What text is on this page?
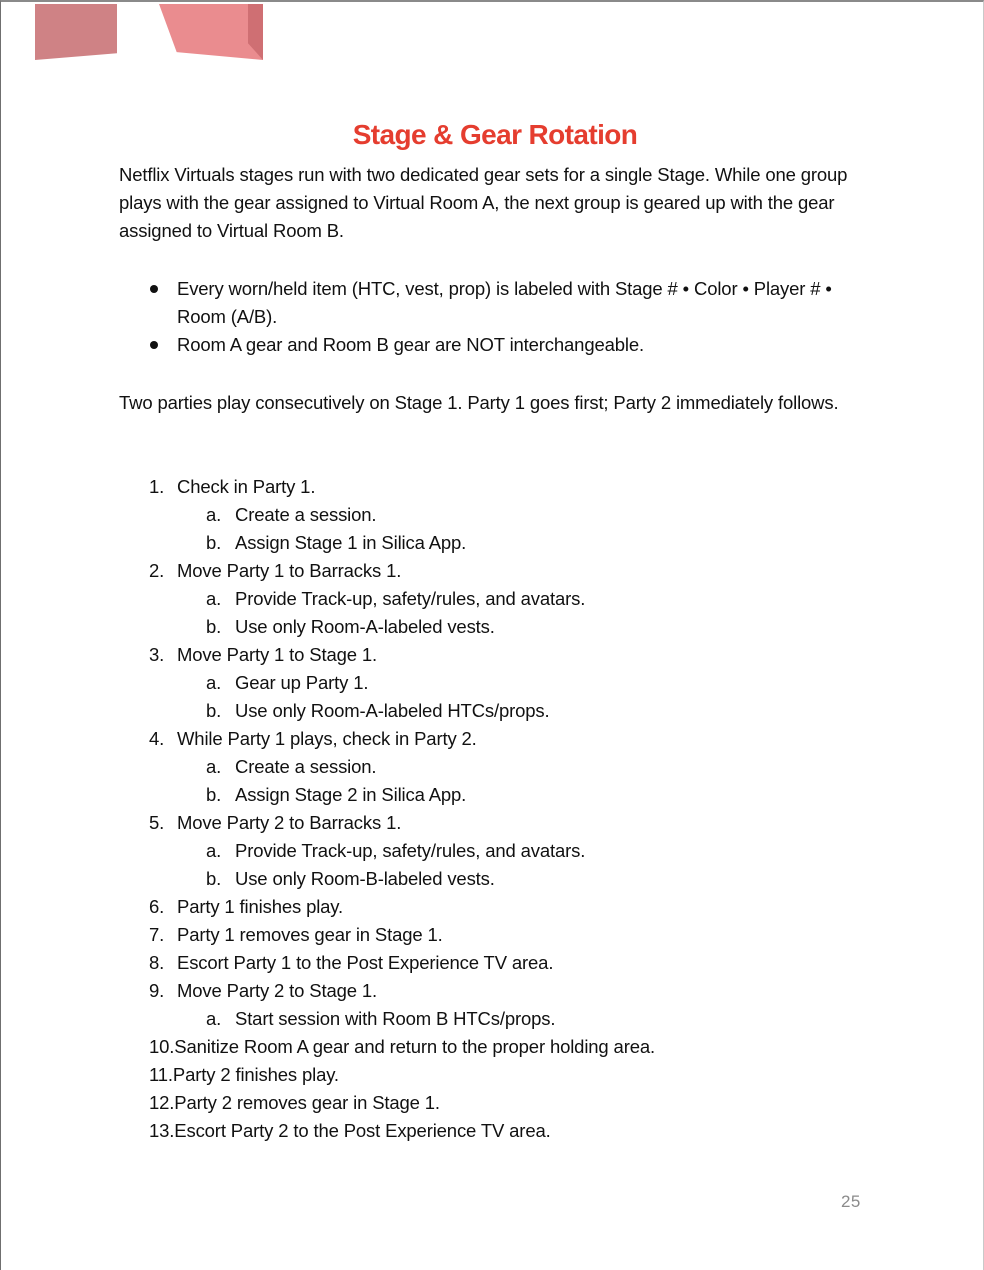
Stage & Gear Rotation
Netflix Virtuals stages run with two dedicated gear sets for a single Stage. While one group plays with the gear assigned to Virtual Room A, the next group is geared up with the gear assigned to Virtual Room B.
Every worn/held item (HTC, vest, prop) is labeled with Stage # • Color • Player # • Room (A/B).
Room A gear and Room B gear are NOT interchangeable.
Two parties play consecutively on Stage 1. Party 1 goes first; Party 2 immediately follows.
1. Check in Party 1.
a. Create a session.
b. Assign Stage 1 in Silica App.
2. Move Party 1 to Barracks 1.
a. Provide Track-up, safety/rules, and avatars.
b. Use only Room-A-labeled vests.
3. Move Party 1 to Stage 1.
a. Gear up Party 1.
b. Use only Room-A-labeled HTCs/props.
4. While Party 1 plays, check in Party 2.
a. Create a session.
b. Assign Stage 2 in Silica App.
5. Move Party 2 to Barracks 1.
a. Provide Track-up, safety/rules, and avatars.
b. Use only Room-B-labeled vests.
6. Party 1 finishes play.
7. Party 1 removes gear in Stage 1.
8. Escort Party 1 to the Post Experience TV area.
9. Move Party 2 to Stage 1.
a. Start session with Room B HTCs/props.
10.Sanitize Room A gear and return to the proper holding area.
11.Party 2 finishes play.
12.Party 2 removes gear in Stage 1.
13.Escort Party 2 to the Post Experience TV area.
25
